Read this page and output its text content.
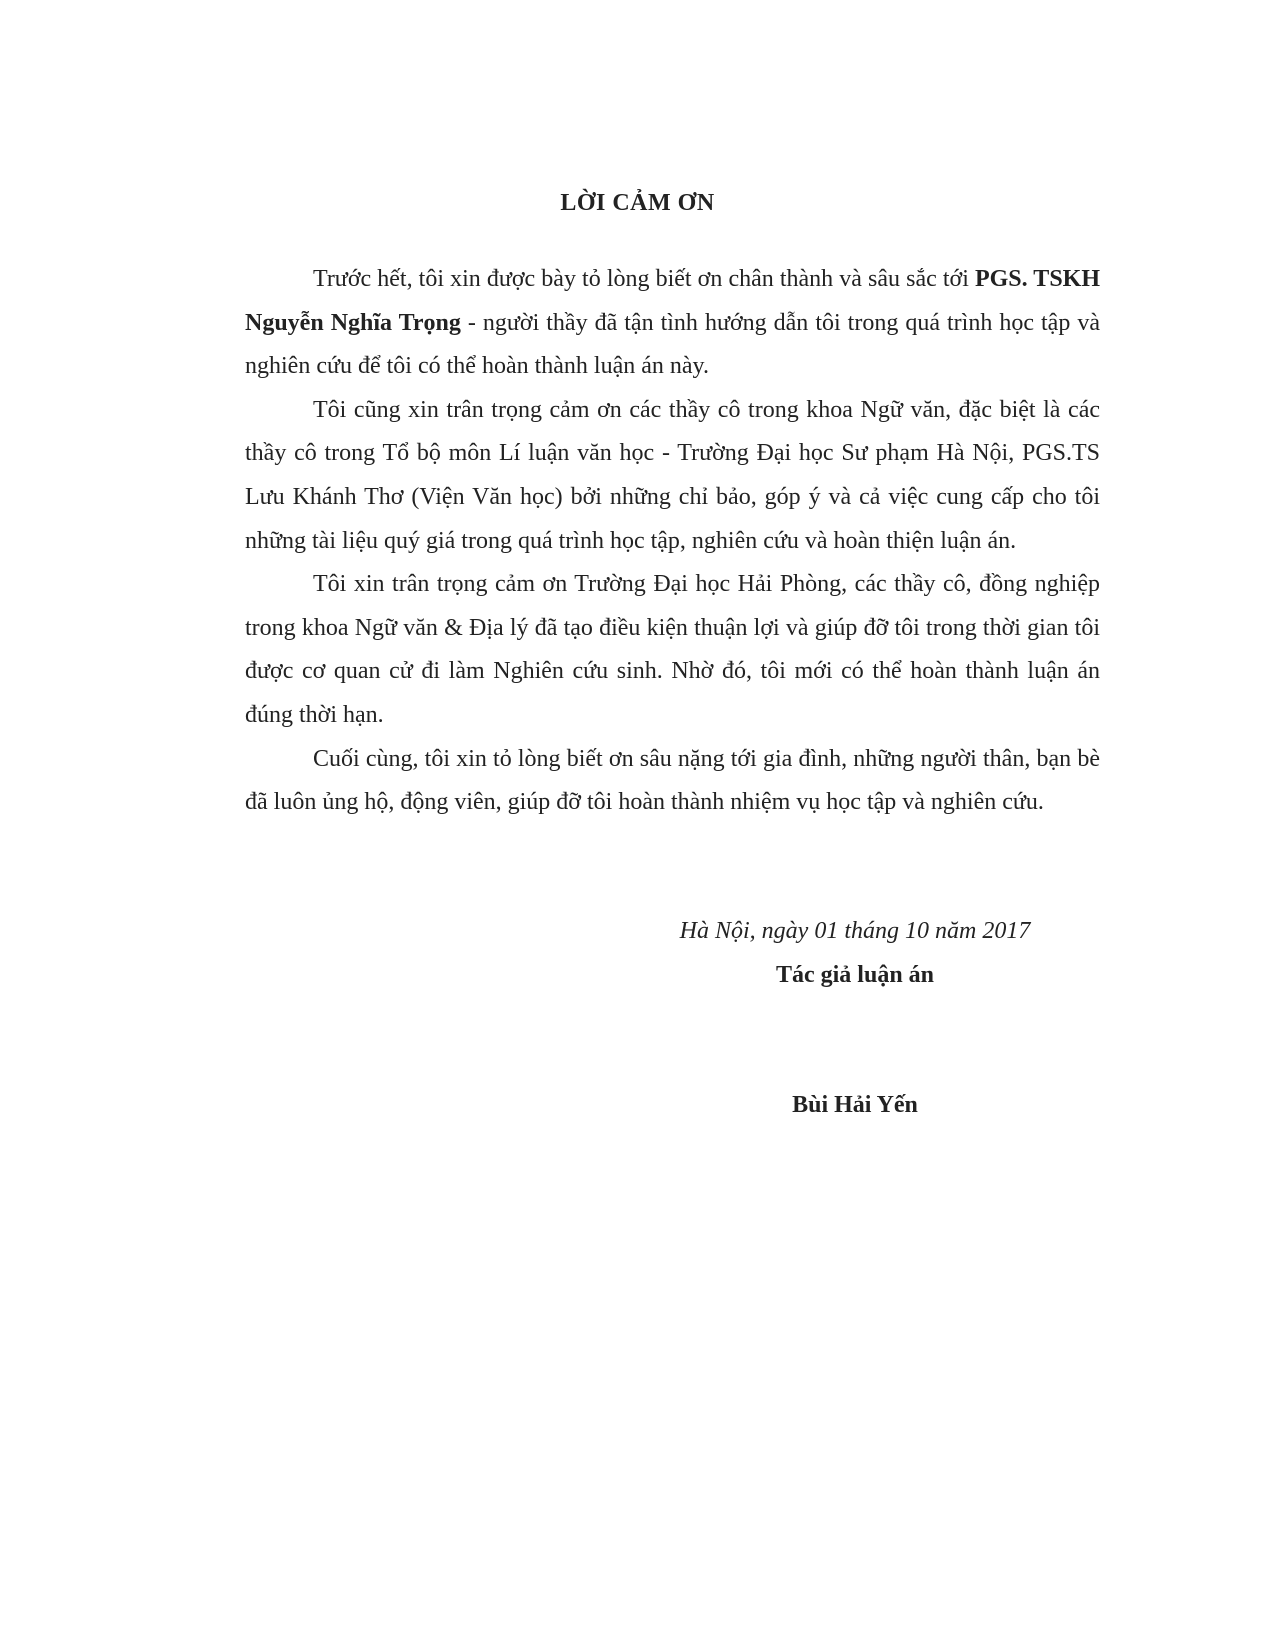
LỜI CẢM ƠN

Trước hết, tôi xin được bày tỏ lòng biết ơn chân thành và sâu sắc tới PGS. TSKH Nguyễn Nghĩa Trọng - người thầy đã tận tình hướng dẫn tôi trong quá trình học tập và nghiên cứu để tôi có thể hoàn thành luận án này.

Tôi cũng xin trân trọng cảm ơn các thầy cô trong khoa Ngữ văn, đặc biệt là các thầy cô trong Tổ bộ môn Lí luận văn học - Trường Đại học Sư phạm Hà Nội, PGS.TS Lưu Khánh Thơ (Viện Văn học) bởi những chỉ bảo, góp ý và cả việc cung cấp cho tôi những tài liệu quý giá trong quá trình học tập, nghiên cứu và hoàn thiện luận án.

Tôi xin trân trọng cảm ơn Trường Đại học Hải Phòng, các thầy cô, đồng nghiệp trong khoa Ngữ văn & Địa lý đã tạo điều kiện thuận lợi và giúp đỡ tôi trong thời gian tôi được cơ quan cử đi làm Nghiên cứu sinh. Nhờ đó, tôi mới có thể hoàn thành luận án đúng thời hạn.

Cuối cùng, tôi xin tỏ lòng biết ơn sâu nặng tới gia đình, những người thân, bạn bè đã luôn ủng hộ, động viên, giúp đỡ tôi hoàn thành nhiệm vụ học tập và nghiên cứu.

Hà Nội, ngày 01 tháng 10 năm 2017
Tác giả luận án
Bùi Hải Yến
